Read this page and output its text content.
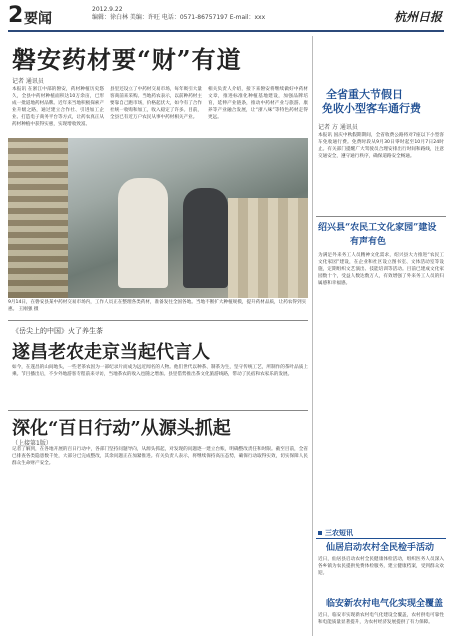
2 要闻
2012.9.22
编辑：徐白林 美编：许旺 电话：0571-86757197 E-mail：xxx	杭州日报
磐安药材要“财”有道
记者 通讯员
本报讯 在浙江中部的磐安，药材种植历史悠久，全县中药材种植面积达10万余亩，已形成一批道地药材品牌。近年来当地积极探索产业升级之路，通过建立合作社、引进加工企业、打造电子商务平台等方式，让药农真正从药材种植中获得实惠，实现增收致富。
县里还设立了中药材交易市场，每年吸引大量客商前来采购。当地药农表示，以前种药材主要靠自己跑市场，价格起伏大，如今有了合作社统一收购和加工，收入稳定了许多。目前，全县已有近万户农民从事中药材相关产业。
相关负责人介绍，接下来磐安将继续做好中药材文章，推进标准化种植基地建设，加强品牌培育，延伸产业链条，推动中药材产业与旅游、康养等产业融合发展，让“浙八味”等特色药材走得更远。
9月14日，在磐安县某中药材交易市场内，工作人员正在整理各类药材，准备发往全国各地。当地不断扩大种植规模，提升药材品质，让药农得到实惠。 王刚强 摄
《岳尖上的中国》火了养生茶
遂昌老农走京当起代言人
如今，在遂昌的山间地头，一些老茶农因为一部纪录片而成为远近闻名的人物。他们世代以种茶、制茶为生，坚守传统工艺，所制作的茶叶品质上乘。节目播出后，不少外地游客专程前来寻访，当地茶农的收入也随之增加。县里借势推出茶文化旅游线路，带动了民宿和农家乐的发展。
深化“百日行动”从源头抓起
（上接第1版）
记者了解到，在各地开展的百日行动中，各部门坚持问题导向，从源头抓起，对发现的问题逐一建立台账，明确整改责任和时限。截至目前，全省已排查各类隐患数千处，大部分已完成整改，其余问题正在加紧推进。有关负责人表示，将继续保持高压态势，确保行动取得实效，切实保障人民群众生命财产安全。
全省重大节假日
免收小型客车通行费
记者 方 通讯员
本报讯 国庆中秋假期期间，全省收费公路将对7座以下小型客车免收通行费。免费时段从9月30日零时起至10月7日24时止。有关部门提醒广大驾驶员合理安排出行时间和路线，注意交通安全，遵守通行秩序，确保道路安全畅通。
绍兴县“农民工文化家园”建设
有声有色
为满足外来务工人员精神文化需求，绍兴县大力推进“农民工文化家园”建设，在企业和社区设立图书室、文体活动室等设施，定期组织文艺演出、技能培训等活动。目前已建成文化家园数十个，受益人数达数万人，有效增强了外来务工人员的归属感和幸福感。
三农短讯
仙居启动农村全民检手活动
近日，仙居县启动农村全民健康体检活动，组织医务人员深入各乡镇为农民提供免费体检服务，建立健康档案，受到群众欢迎。
临安新农村电气化实现全覆盖
近日，临安市实现新农村电气化建设全覆盖，农村供电可靠性和电能质量显著提升，为农村经济发展提供了有力保障。
